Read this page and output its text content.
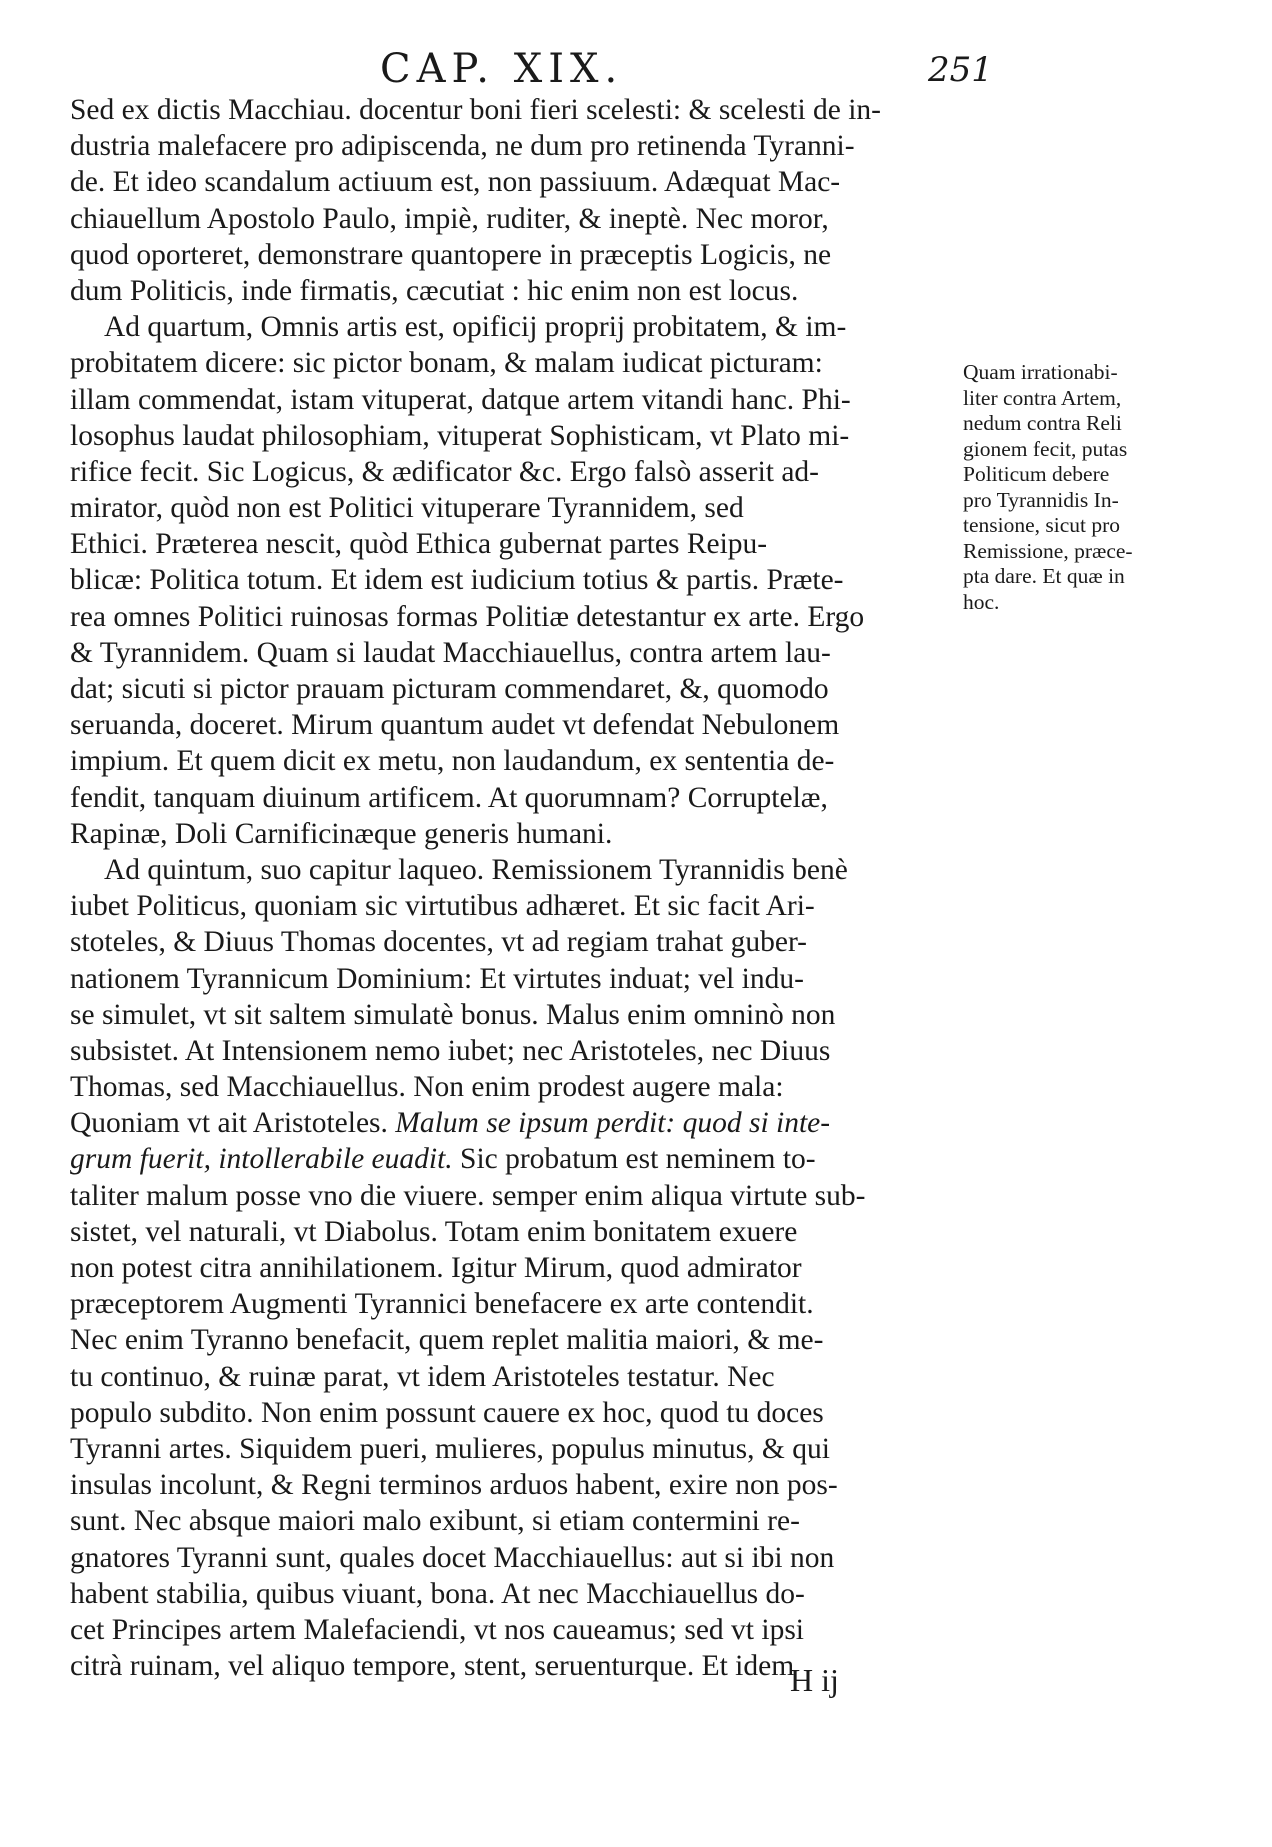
CAP. XIX.	251
Sed ex dictis Macchiau. docentur boni fieri scelesti: & scelesti de in-
dustria malefacere pro adipiscenda, ne dum pro retinenda Tyranni-
de. Et ideo scandalum actiuum est, non passiuum. Adæquat Mac-
chiauellum Apostolo Paulo, impiè, ruditer, & ineptè. Nec moror,
quod oporteret, demonstrare quantopere in præceptis Logicis, ne
dum Politicis, inde firmatis, cæcutiat : hic enim non est locus.
Ad quartum, Omnis artis est, opificij proprij probitatem, & im-
probitatem dicere: sic pictor bonam, & malam iudicat picturam:
illam commendat, istam vituperat, datque artem vitandi hanc. Phi-
losophus laudat philosophiam, vituperat Sophisticam, vt Plato mi-
rifice fecit. Sic Logicus, & ædificator &c. Ergo falsò asserit ad-
mirator, quòd non est Politici vituperare Tyrannidem, sed
Ethici. Præterea nescit, quòd Ethica gubernat partes Reipu-
blicæ: Politica totum. Et idem est iudicium totius & partis. Præte-
rea omnes Politici ruinosas formas Politiæ detestantur ex arte. Ergo
& Tyrannidem. Quam si laudat Macchiauellus, contra artem lau-
dat; sicuti si pictor prauam picturam commendaret, &, quomodo
seruanda, doceret. Mirum quantum audet vt defendat Nebulonem
impium. Et quem dicit ex metu, non laudandum, ex sententia de-
fendit, tanquam diuinum artificem. At quorumnam? Corruptelæ,
Rapinæ, Doli Carnificinæque generis humani.
Ad quintum, suo capitur laqueo. Remissionem Tyrannidis benè
iubet Politicus, quoniam sic virtutibus adhæret. Et sic facit Ari-
stoteles, & Diuus Thomas docentes, vt ad regiam trahat guber-
nationem Tyrannicum Dominium: Et virtutes induat; vel indu-
se simulet, vt sit saltem simulatè bonus. Malus enim omninò non
subsistet. At Intensionem nemo iubet; nec Aristoteles, nec Diuus
Thomas, sed Macchiauellus. Non enim prodest augere mala:
Quoniam vt ait Aristoteles. Malum se ipsum perdit: quod si inte-
grum fuerit, intollerabile euadit. Sic probatum est neminem to-
taliter malum posse vno die viuere. semper enim aliqua virtute sub-
sistet, vel naturali, vt Diabolus. Totam enim bonitatem exuere
non potest citra annihilationem. Igitur Mirum, quod admirator
præceptorem Augmenti Tyrannici benefacere ex arte contendit.
Nec enim Tyranno benefacit, quem replet malitia maiori, & me-
tu continuo, & ruinæ parat, vt idem Aristoteles testatur. Nec
populo subdito. Non enim possunt cauere ex hoc, quod tu doces
Tyranni artes. Siquidem pueri, mulieres, populus minutus, & qui
insulas incolunt, & Regni terminos arduos habent, exire non pos-
sunt. Nec absque maiori malo exibunt, si etiam contermini re-
gnatores Tyranni sunt, quales docet Macchiauellus: aut si ibi non
habent stabilia, quibus viuant, bona. At nec Macchiauellus do-
cet Principes artem Malefaciendi, vt nos caueamus; sed vt ipsi
citrà ruinam, vel aliquo tempore, stent, seruenturque. Et idem
Quam irrationabi-
liter contra Artem,
nedum contra Reli
gionem fecit, putas
Politicum debere
pro Tyrannidis In-
tensione, sicut pro
Remissione, præce-
pta dare. Et quæ in
hoc.
H ij
